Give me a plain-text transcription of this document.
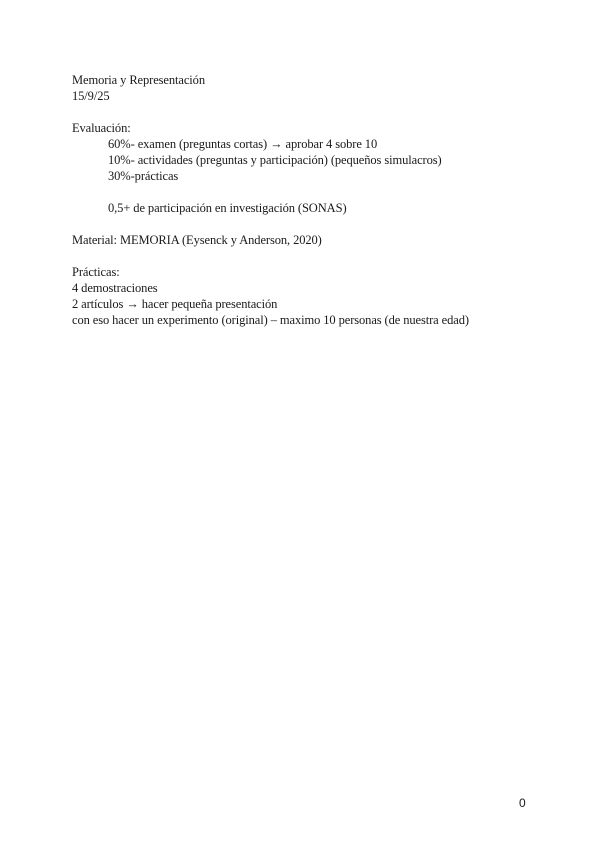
Memoria y Representación
15/9/25
Evaluación:
60%- examen (preguntas cortas) → aprobar 4 sobre 10
10%- actividades (preguntas y participación) (pequeños simulacros)
30%-prácticas
0,5+ de participación en investigación (SONAS)
Material: MEMORIA (Eysenck y Anderson, 2020)
Prácticas:
4 demostraciones
2 artículos → hacer pequeña presentación
con eso hacer un experimento (original) – maximo 10 personas (de nuestra edad)
0
